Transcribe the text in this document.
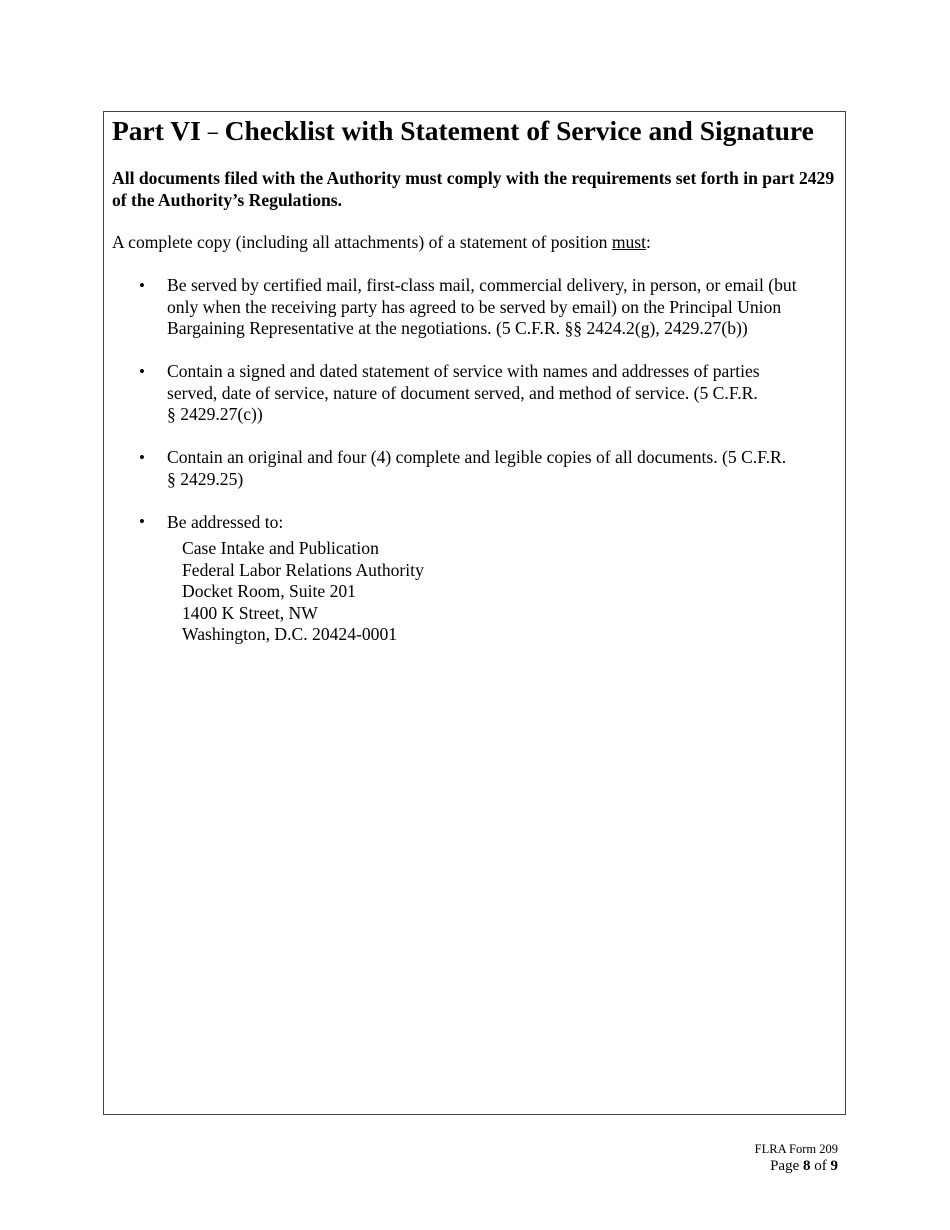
Part VI – Checklist with Statement of Service and Signature
All documents filed with the Authority must comply with the requirements set forth in part 2429 of the Authority’s Regulations.
A complete copy (including all attachments) of a statement of position must:
• Be served by certified mail, first-class mail, commercial delivery, in person, or email (but
only when the receiving party has agreed to be served by email) on the Principal Union
Bargaining Representative at the negotiations. (5 C.F.R. §§ 2424.2(g), 2429.27(b))
• Contain a signed and dated statement of service with names and addresses of parties
served, date of service, nature of document served, and method of service. (5 C.F.R.
§ 2429.27(c))
• Contain an original and four (4) complete and legible copies of all documents. (5 C.F.R.
§ 2429.25)
• Be addressed to:
Case Intake and Publication
Federal Labor Relations Authority
Docket Room, Suite 201
1400 K Street, NW
Washington, D.C. 20424-0001
FLRA Form 209
Page 8 of 9
